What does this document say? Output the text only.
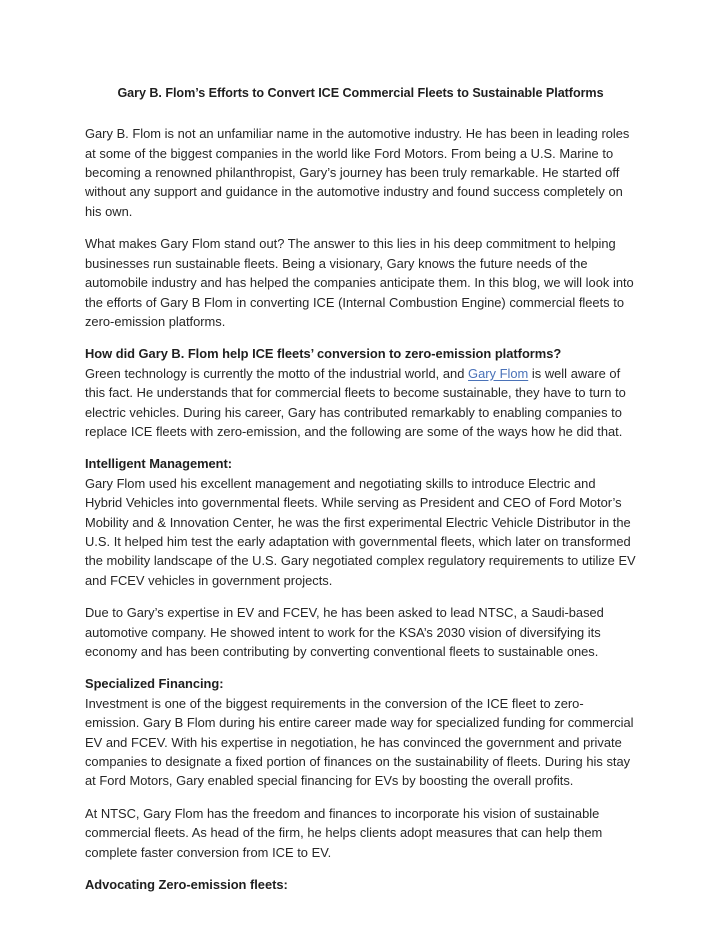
Gary B. Flom’s Efforts to Convert ICE Commercial Fleets to Sustainable Platforms

Gary B. Flom is not an unfamiliar name in the automotive industry. He has been in leading roles at some of the biggest companies in the world like Ford Motors. From being a U.S. Marine to becoming a renowned philanthropist, Gary’s journey has been truly remarkable. He started off without any support and guidance in the automotive industry and found success completely on his own.

What makes Gary Flom stand out? The answer to this lies in his deep commitment to helping businesses run sustainable fleets. Being a visionary, Gary knows the future needs of the automobile industry and has helped the companies anticipate them. In this blog, we will look into the efforts of Gary B Flom in converting ICE (Internal Combustion Engine) commercial fleets to zero-emission platforms.

How did Gary B. Flom help ICE fleets’ conversion to zero-emission platforms?

Green technology is currently the motto of the industrial world, and Gary Flom is well aware of this fact. He understands that for commercial fleets to become sustainable, they have to turn to electric vehicles. During his career, Gary has contributed remarkably to enabling companies to replace ICE fleets with zero-emission, and the following are some of the ways how he did that.

Intelligent Management:

Gary Flom used his excellent management and negotiating skills to introduce Electric and Hybrid Vehicles into governmental fleets. While serving as President and CEO of Ford Motor’s Mobility and & Innovation Center, he was the first experimental Electric Vehicle Distributor in the U.S. It helped him test the early adaptation with governmental fleets, which later on transformed the mobility landscape of the U.S. Gary negotiated complex regulatory requirements to utilize EV and FCEV vehicles in government projects.

Due to Gary’s expertise in EV and FCEV, he has been asked to lead NTSC, a Saudi-based automotive company. He showed intent to work for the KSA’s 2030 vision of diversifying its economy and has been contributing by converting conventional fleets to sustainable ones.

Specialized Financing:

Investment is one of the biggest requirements in the conversion of the ICE fleet to zero-emission. Gary B Flom during his entire career made way for specialized funding for commercial EV and FCEV. With his expertise in negotiation, he has convinced the government and private companies to designate a fixed portion of finances on the sustainability of fleets. During his stay at Ford Motors, Gary enabled special financing for EVs by boosting the overall profits.

At NTSC, Gary Flom has the freedom and finances to incorporate his vision of sustainable commercial fleets. As head of the firm, he helps clients adopt measures that can help them complete faster conversion from ICE to EV.

Advocating Zero-emission fleets:
